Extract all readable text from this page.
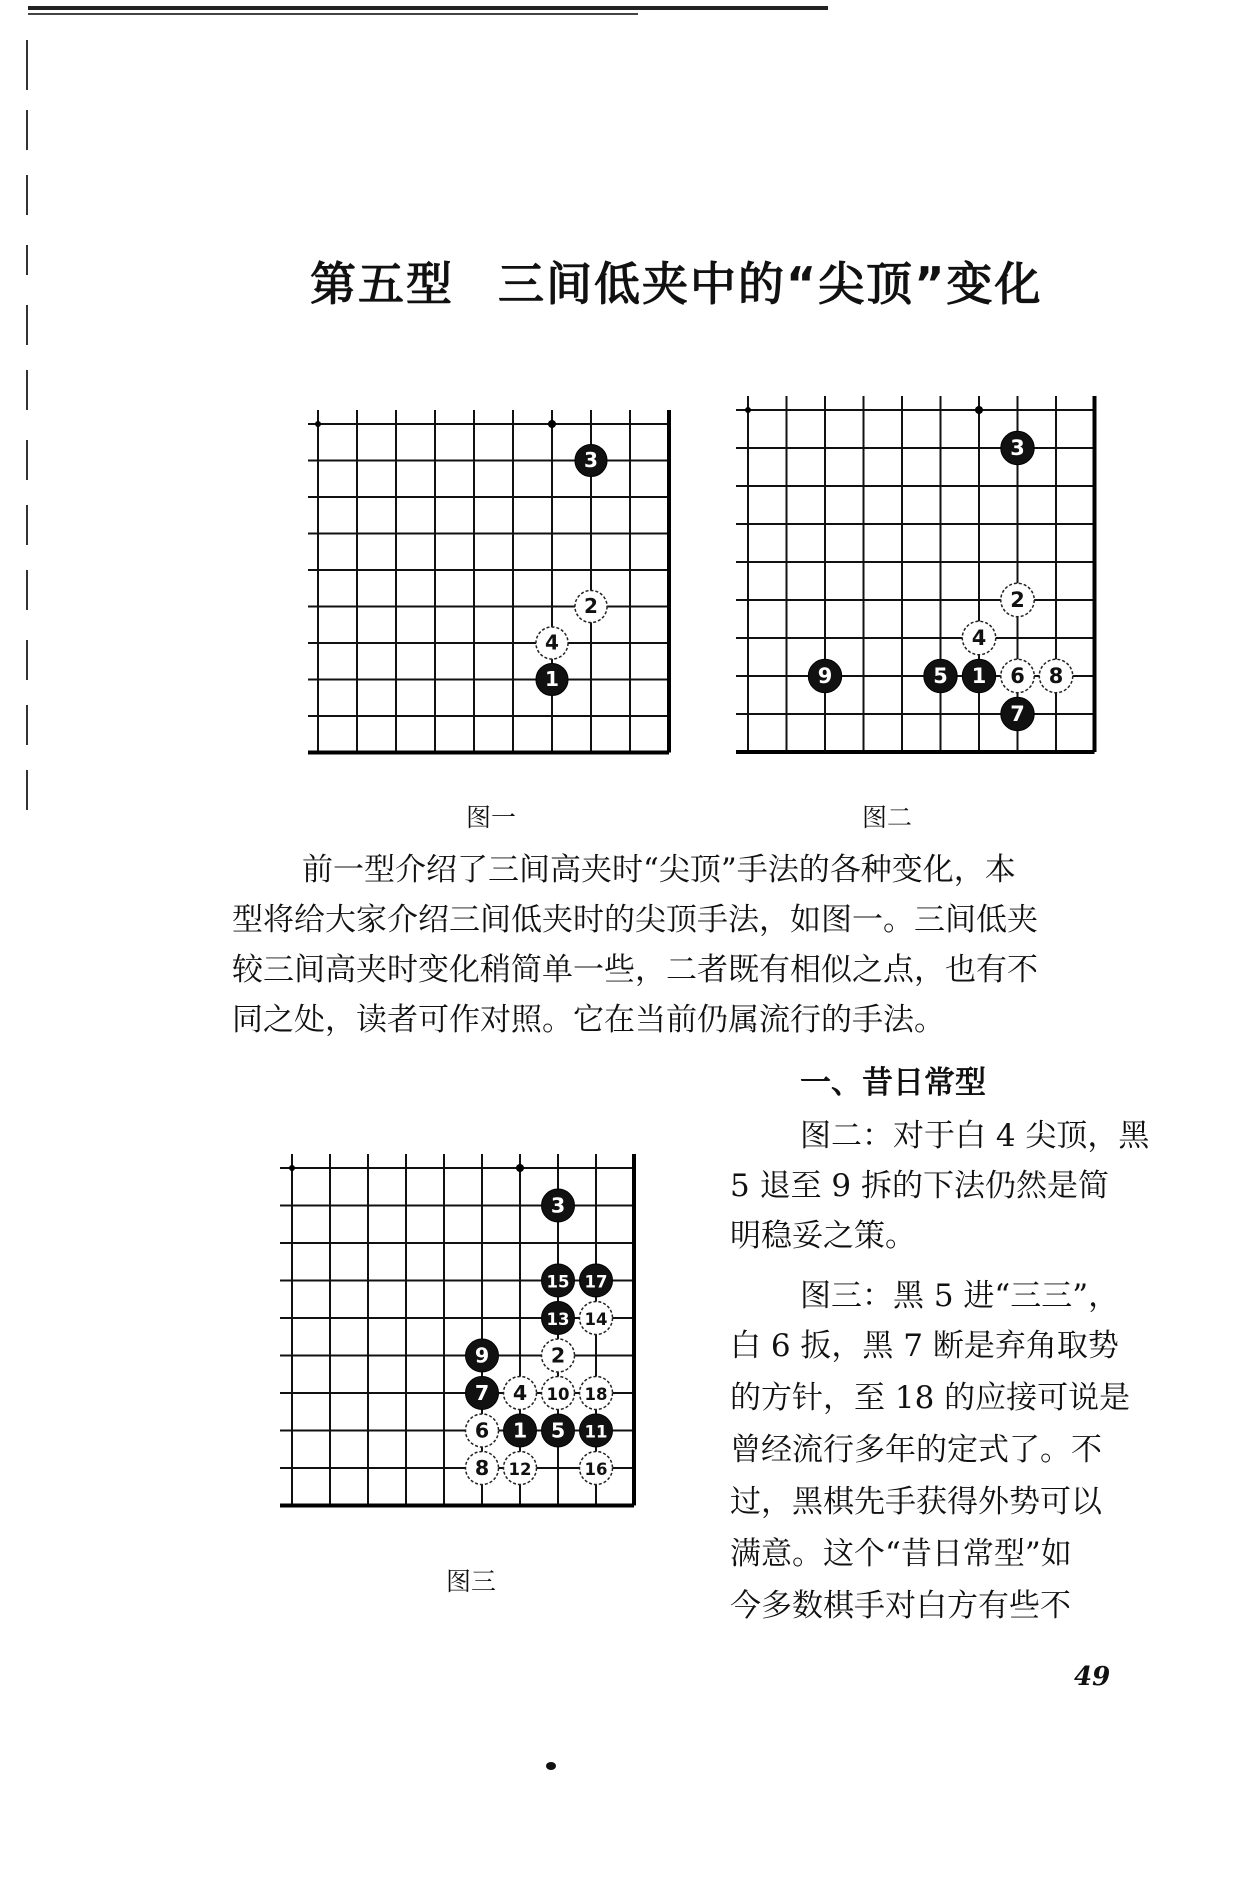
第五型 三间低夹中的“尖顶”变化
3
2
4
1
3
2
4
9	5 1 6 8
7
3
15 17
13 14
9	2
7 4 10 18
6 1 5 11
8 12	16
图一	图二
图三
前一型介绍了三间高夹时“尖顶”手法的各种变化，本
型将给大家介绍三间低夹时的尖顶手法，如图一。三间低夹
较三间高夹时变化稍简单一些，二者既有相似之点，也有不
同之处，读者可作对照。它在当前仍属流行的手法。
一、昔日常型
图二：对于白 4 尖顶，黑
5 退至 9 拆的下法仍然是简
明稳妥之策。
图三：黑 5 进“三三”，
白 6 扳，黑 7 断是弃角取势
的方针，至 18 的应接可说是
曾经流行多年的定式了。不
过，黑棋先手获得外势可以
满意。这个“昔日常型”如
今多数棋手对白方有些不
49
